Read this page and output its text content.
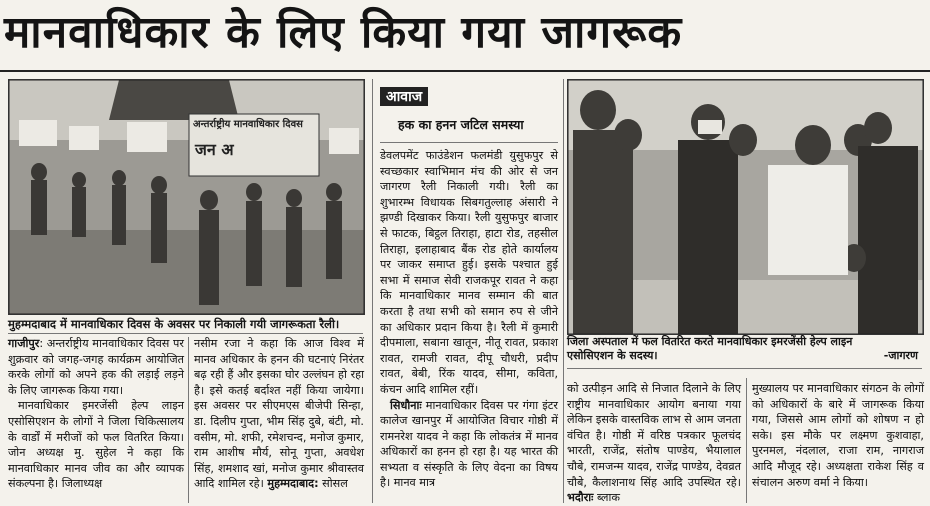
मानवाधिकार के लिए किया गया जागरूक
अन्तर्राष्ट्रीय मानवाधिकार दिवस
जन अ
मुहम्मदाबाद में मानवाधिकार दिवस के अवसर पर निकाली गयी जागरूकता रैली।

गाजीपुर: अन्तर्राष्ट्रीय मानवाधिकार दिवस पर शुक्रवार को जगह-जगह कार्यक्रम आयोजित करके लोगों को अपने हक की लड़ाई लड़ने के लिए जागरूक किया गया।

मानवाधिकार इमरजेंसी हेल्प लाइन एसोसिएशन के लोगों ने जिला चिकित्सालय के वार्डों में मरीजों को फल वितरित किया। जोन अध्यक्ष मु. सुहेल ने कहा कि मानवाधिकार मानव जीव का और व्यापक संकल्पना है। जिलाध्यक्ष

नसीम रजा ने कहा कि आज विश्व में मानव अधिकार के हनन की घटनाएं निरंतर बढ़ रही हैं और इसका घोर उल्लंघन हो रहा है। इसे कतई बर्दाश्त नहीं किया जायेगा। इस अवसर पर सीएमएस बीजेपी सिन्हा, डा. दिलीप गुप्ता, भीम सिंह दुबे, बंटी, मो. वसीम, मो. शफी, रमेशचन्द, मनोज कुमार, राम आशीष मौर्य, सोनू गुप्ता, अवधेश सिंह, शमशाद खां, मनोज कुमार श्रीवास्तव आदि शामिल रहे। मुहम्मदाबाद: सोसल

आवाज
हक का हनन जटिल समस्या

डेवलपमेंट फाउंडेशन फलमंडी युसुफपुर से स्वच्छकार स्वाभिमान मंच की ओर से जन जागरण रैली निकाली गयी। रैली का शुभारम्भ विधायक सिबगतुल्लाह अंसारी ने झण्डी दिखाकर किया। रैली युसुफपुर बाजार से फाटक, बिट्ठल तिराहा, हाटा रोड, तहसील तिराहा, इलाहाबाद बैंक रोड होते कार्यालय पर जाकर समाप्त हुई। इसके पश्चात हुई सभा में समाज सेवी राजकपूर रावत ने कहा कि मानवाधिकार मानव सम्मान की बात करता है तथा सभी को समान रुप से जीने का अधिकार प्रदान किया है। रैली में कुमारी दीपमाला, सबाना खातून, नीतू रावत, प्रकाश रावत, रामजी रावत, दीपू चौधरी, प्रदीप रावत, बेबी, रिंक यादव, सीमा, कविता, कंचन आदि शामिल रहीं।

सिधौनाः मानवाधिकार दिवस पर गंगा इंटर कालेज खानपुर में आयोजित विचार गोष्ठी में रामनरेश यादव ने कहा कि लोकतंत्र में मानव अधिकारों का हनन हो रहा है। यह भारत की सभ्यता व संस्कृति के लिए वेदना का विषय है। मानव मात्र

जिला अस्पताल में फल वितरित करते मानवाधिकार इमरजेंसी हेल्प लाइन
एसोसिएशन के सदस्य।	-जागरण

को उत्पीड़न आदि से निजात दिलाने के लिए राष्ट्रीय मानवाधिकार आयोग बनाया गया लेकिन इसके वास्तविक लाभ से आम जनता वंचित है। गोष्ठी में वरिष्ठ पत्रकार फूलचंद भारती, राजेंद्र, संतोष पाण्डेय, भैयालाल चौबे, रामजन्म यादव, राजेंद्र पाण्डेय, देवव्रत चौबे, कैलाशनाथ सिंह आदि उपस्थित रहे। भदौराः ब्लाक

मुख्यालय पर मानवाधिकार संगठन के लोगों को अधिकारों के बारे में जागरूक किया गया, जिससे आम लोगों को शोषण न हो सके। इस मौके पर लक्ष्मण कुशवाहा, पुरनमल, नंदलाल, राजा राम, नागराज आदि मौजूद रहे। अध्यक्षता राकेश सिंह व संचालन अरुण वर्मा ने किया।
